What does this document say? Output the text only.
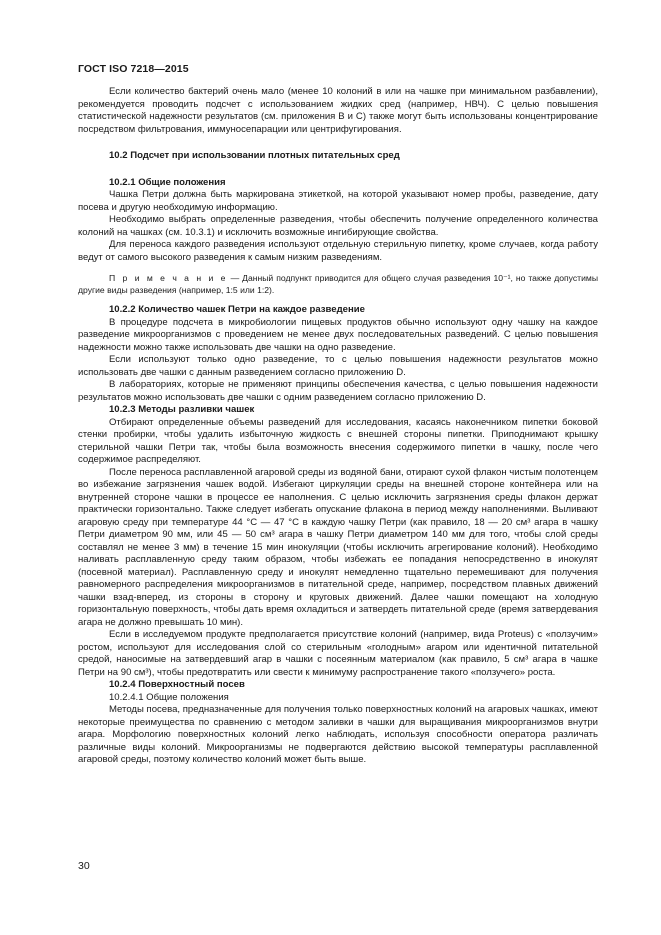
ГОСТ ISO 7218—2015

Если количество бактерий очень мало (менее 10 колоний в или на чашке при минимальном разбавлении), рекомендуется проводить подсчет с использованием жидких сред (например, НВЧ). С целью повышения статистической надежности результатов (см. приложения В и С) также могут быть использованы концентрирование посредством фильтрования, иммуносепарации или центрифугирования.

10.2 Подсчет при использовании плотных питательных сред

10.2.1 Общие положения

Чашка Петри должна быть маркирована этикеткой, на которой указывают номер пробы, разведение, дату посева и другую необходимую информацию.

Необходимо выбрать определенные разведения, чтобы обеспечить получение определенного количества колоний на чашках (см. 10.3.1) и исключить возможные ингибирующие свойства.

Для переноса каждого разведения используют отдельную стерильную пипетку, кроме случаев, когда работу ведут от самого высокого разведения к самым низким разведениям.

П р и м е ч а н и е — Данный подпункт приводится для общего случая разведения 10⁻¹, но также допустимы другие виды разведения (например, 1:5 или 1:2).

10.2.2 Количество чашек Петри на каждое разведение

В процедуре подсчета в микробиологии пищевых продуктов обычно используют одну чашку на каждое разведение микроорганизмов с проведением не менее двух последовательных разведений. С целью повышения надежности можно также использовать две чашки на одно разведение.

Если используют только одно разведение, то с целью повышения надежности результатов можно использовать две чашки с данным разведением согласно приложению D.

В лабораториях, которые не применяют принципы обеспечения качества, с целью повышения надежности результатов можно использовать две чашки с одним разведением согласно приложению D.

10.2.3 Методы разливки чашек

Отбирают определенные объемы разведений для исследования, касаясь наконечником пипетки боковой стенки пробирки, чтобы удалить избыточную жидкость с внешней стороны пипетки. Приподнимают крышку стерильной чашки Петри так, чтобы была возможность внесения содержимого пипетки в чашку, после чего содержимое распределяют.

После переноса расплавленной агаровой среды из водяной бани, отирают сухой флакон чистым полотенцем во избежание загрязнения чашек водой. Избегают циркуляции среды на внешней стороне контейнера или на внутренней стороне чашки в процессе ее наполнения. С целью исключить загрязнения среды флакон держат практически горизонтально. Также следует избегать опускание флакона в период между наполнениями. Выливают агаровую среду при температуре 44 °С — 47 °С в каждую чашку Петри (как правило, 18 — 20 см³ агара в чашку Петри диаметром 90 мм, или 45 — 50 см³ агара в чашку Петри диаметром 140 мм для того, чтобы слой среды составлял не менее 3 мм) в течение 15 мин инокуляции (чтобы исключить агрегирование колоний). Необходимо наливать расплавленную среду таким образом, чтобы избежать ее попадания непосредственно в инокулят (посевной материал). Расплавленную среду и инокулят немедленно тщательно перемешивают для получения равномерного распределения микроорганизмов в питательной среде, например, посредством плавных движений чашки взад-вперед, из стороны в сторону и круговых движений. Далее чашки помещают на холодную горизонтальную поверхность, чтобы дать время охладиться и затвердеть питательной среде (время затвердевания агара не должно превышать 10 мин).

Если в исследуемом продукте предполагается присутствие колоний (например, вида Proteus) с «ползучим» ростом, используют для исследования слой со стерильным «голодным» агаром или идентичной питательной средой, наносимые на затвердевший агар в чашки с посеянным материалом (как правило, 5 см³ агара в чашке Петри на 90 см³), чтобы предотвратить или свести к минимуму распространение такого «ползучего» роста.

10.2.4 Поверхностный посев

10.2.4.1 Общие положения

Методы посева, предназначенные для получения только поверхностных колоний на агаровых чашках, имеют некоторые преимущества по сравнению с методом заливки в чашки для выращивания микроорганизмов внутри агара. Морфологию поверхностных колоний легко наблюдать, используя способности оператора различать различные виды колоний. Микроорганизмы не подвергаются действию высокой температуры расплавленной агаровой среды, поэтому количество колоний может быть выше.

30
